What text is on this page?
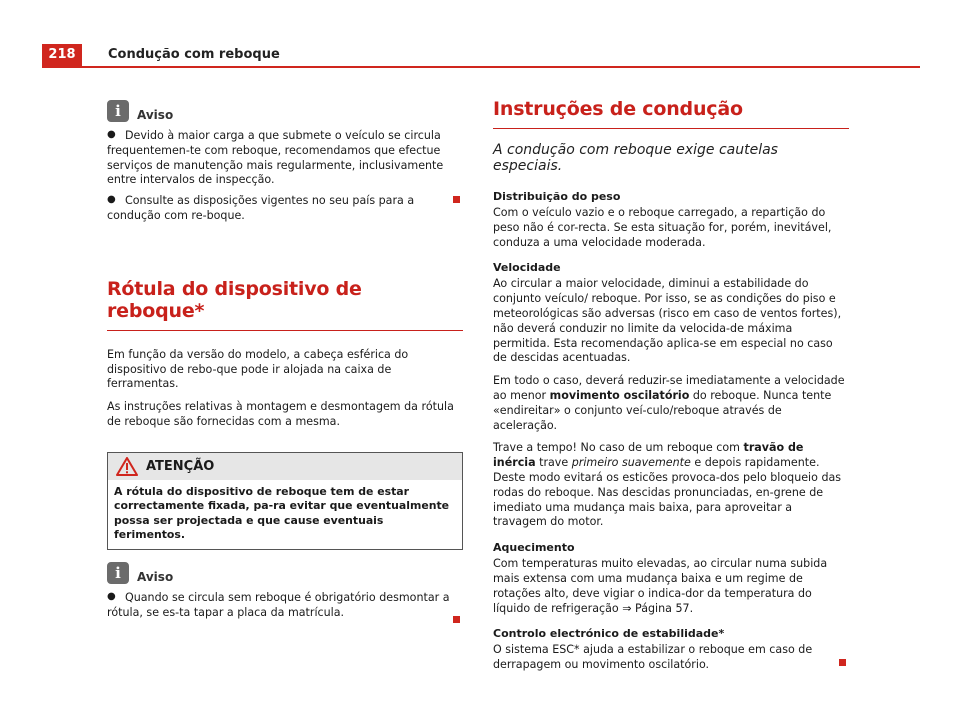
218	Condução com reboque
i	Aviso
● Devido à maior carga a que submete o veículo se circula frequentemen-te com reboque, recomendamos que efectue serviços de manutenção mais regularmente, inclusivamente entre intervalos de inspecção.

● Consulte as disposições vigentes no seu país para a condução com re-boque.

Rótula do dispositivo de reboque*

Em função da versão do modelo, a cabeça esférica do dispositivo de rebo-que pode ir alojada na caixa de ferramentas.

As instruções relativas à montagem e desmontagem da rótula de reboque são fornecidas com a mesma.

ATENÇÃO
A rótula do dispositivo de reboque tem de estar correctamente fixada, pa-ra evitar que eventualmente possa ser projectada e que cause eventuais ferimentos.
i	Aviso
● Quando se circula sem reboque é obrigatório desmontar a rótula, se es-ta tapar a placa da matrícula.

Instruções de condução
A condução com reboque exige cautelas especiais.
Distribuição do peso

Com o veículo vazio e o reboque carregado, a repartição do peso não é cor-recta. Se esta situação for, porém, inevitável, conduza a uma velocidade moderada.

Velocidade

Ao circular a maior velocidade, diminui a estabilidade do conjunto veículo/ reboque. Por isso, se as condições do piso e meteorológicas são adversas (risco em caso de ventos fortes), não deverá conduzir no limite da velocida-de máxima permitida. Esta recomendação aplica-se em especial no caso de descidas acentuadas.

Em todo o caso, deverá reduzir-se imediatamente a velocidade ao menor movimento oscilatório do reboque. Nunca tente «endireitar» o conjunto veí-culo/reboque através de aceleração.

Trave a tempo! No caso de um reboque com travão de inércia trave primeiro suavemente e depois rapidamente. Deste modo evitará os esticões provoca-dos pelo bloqueio das rodas do reboque. Nas descidas pronunciadas, en-grene de imediato uma mudança mais baixa, para aproveitar a travagem do motor.

Aquecimento

Com temperaturas muito elevadas, ao circular numa subida mais extensa com uma mudança baixa e um regime de rotações alto, deve vigiar o indica-dor da temperatura do líquido de refrigeração ⇒ Página 57.

Controlo electrónico de estabilidade*

O sistema ESC* ajuda a estabilizar o reboque em caso de derrapagem ou movimento oscilatório.
